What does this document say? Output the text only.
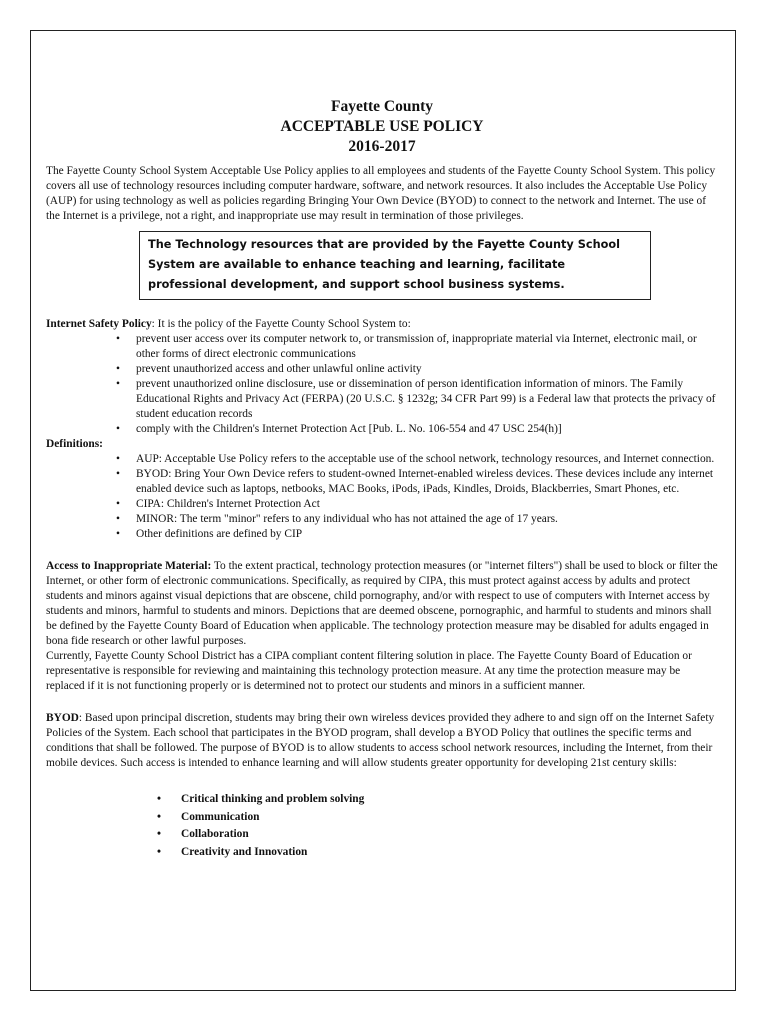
Fayette County
ACCEPTABLE USE POLICY
2016-2017

The Fayette County School System Acceptable Use Policy applies to all employees and students of the Fayette County School System. This policy covers all use of technology resources including computer hardware, software, and network resources. It also includes the Acceptable Use Policy (AUP) for using technology as well as policies regarding Bringing Your Own Device (BYOD) to connect to the network and Internet. The use of the Internet is a privilege, not a right, and inappropriate use may result in termination of those privileges.

The Technology resources that are provided by the Fayette County School System are available to enhance teaching and learning, facilitate professional development, and support school business systems.

Internet Safety Policy: It is the policy of the Fayette County School System to:

• prevent user access over its computer network to, or transmission of, inappropriate material via Internet, electronic mail, or other forms of direct electronic communications
• prevent unauthorized access and other unlawful online activity
• prevent unauthorized online disclosure, use or dissemination of person identification information of minors. The Family Educational Rights and Privacy Act (FERPA) (20 U.S.C. § 1232g; 34 CFR Part 99) is a Federal law that protects the privacy of student education records
• comply with the Children's Internet Protection Act [Pub. L. No. 106-554 and 47 USC 254(h)]

Definitions:

• AUP: Acceptable Use Policy refers to the acceptable use of the school network, technology resources, and Internet connection.
• BYOD: Bring Your Own Device refers to student-owned Internet-enabled wireless devices. These devices include any internet enabled device such as laptops, netbooks, MAC Books, iPods, iPads, Kindles, Droids, Blackberries, Smart Phones, etc.
• CIPA: Children's Internet Protection Act
• MINOR: The term "minor" refers to any individual who has not attained the age of 17 years.
• Other definitions are defined by CIP

Access to Inappropriate Material: To the extent practical, technology protection measures (or "internet filters") shall be used to block or filter the Internet, or other form of electronic communications. Specifically, as required by CIPA, this must protect against access by adults and protect students and minors against visual depictions that are obscene, child pornography, and/or with respect to use of computers with Internet access by students and minors, harmful to students and minors. Depictions that are deemed obscene, pornographic, and harmful to students and minors shall be defined by the Fayette County Board of Education when applicable. The technology protection measure may be disabled for adults engaged in bona fide research or other lawful purposes.
Currently, Fayette County School District has a CIPA compliant content filtering solution in place. The Fayette County Board of Education or representative is responsible for reviewing and maintaining this technology protection measure. At any time the protection measure may be replaced if it is not functioning properly or is determined not to protect our students and minors in a sufficient manner.

BYOD: Based upon principal discretion, students may bring their own wireless devices provided they adhere to and sign off on the Internet Safety Policies of the System. Each school that participates in the BYOD program, shall develop a BYOD Policy that outlines the specific terms and conditions that shall be followed. The purpose of BYOD is to allow students to access school network resources, including the Internet, from their mobile devices. Such access is intended to enhance learning and will allow students greater opportunity for developing 21st century skills:

• Critical thinking and problem solving
• Communication
• Collaboration
• Creativity and Innovation
